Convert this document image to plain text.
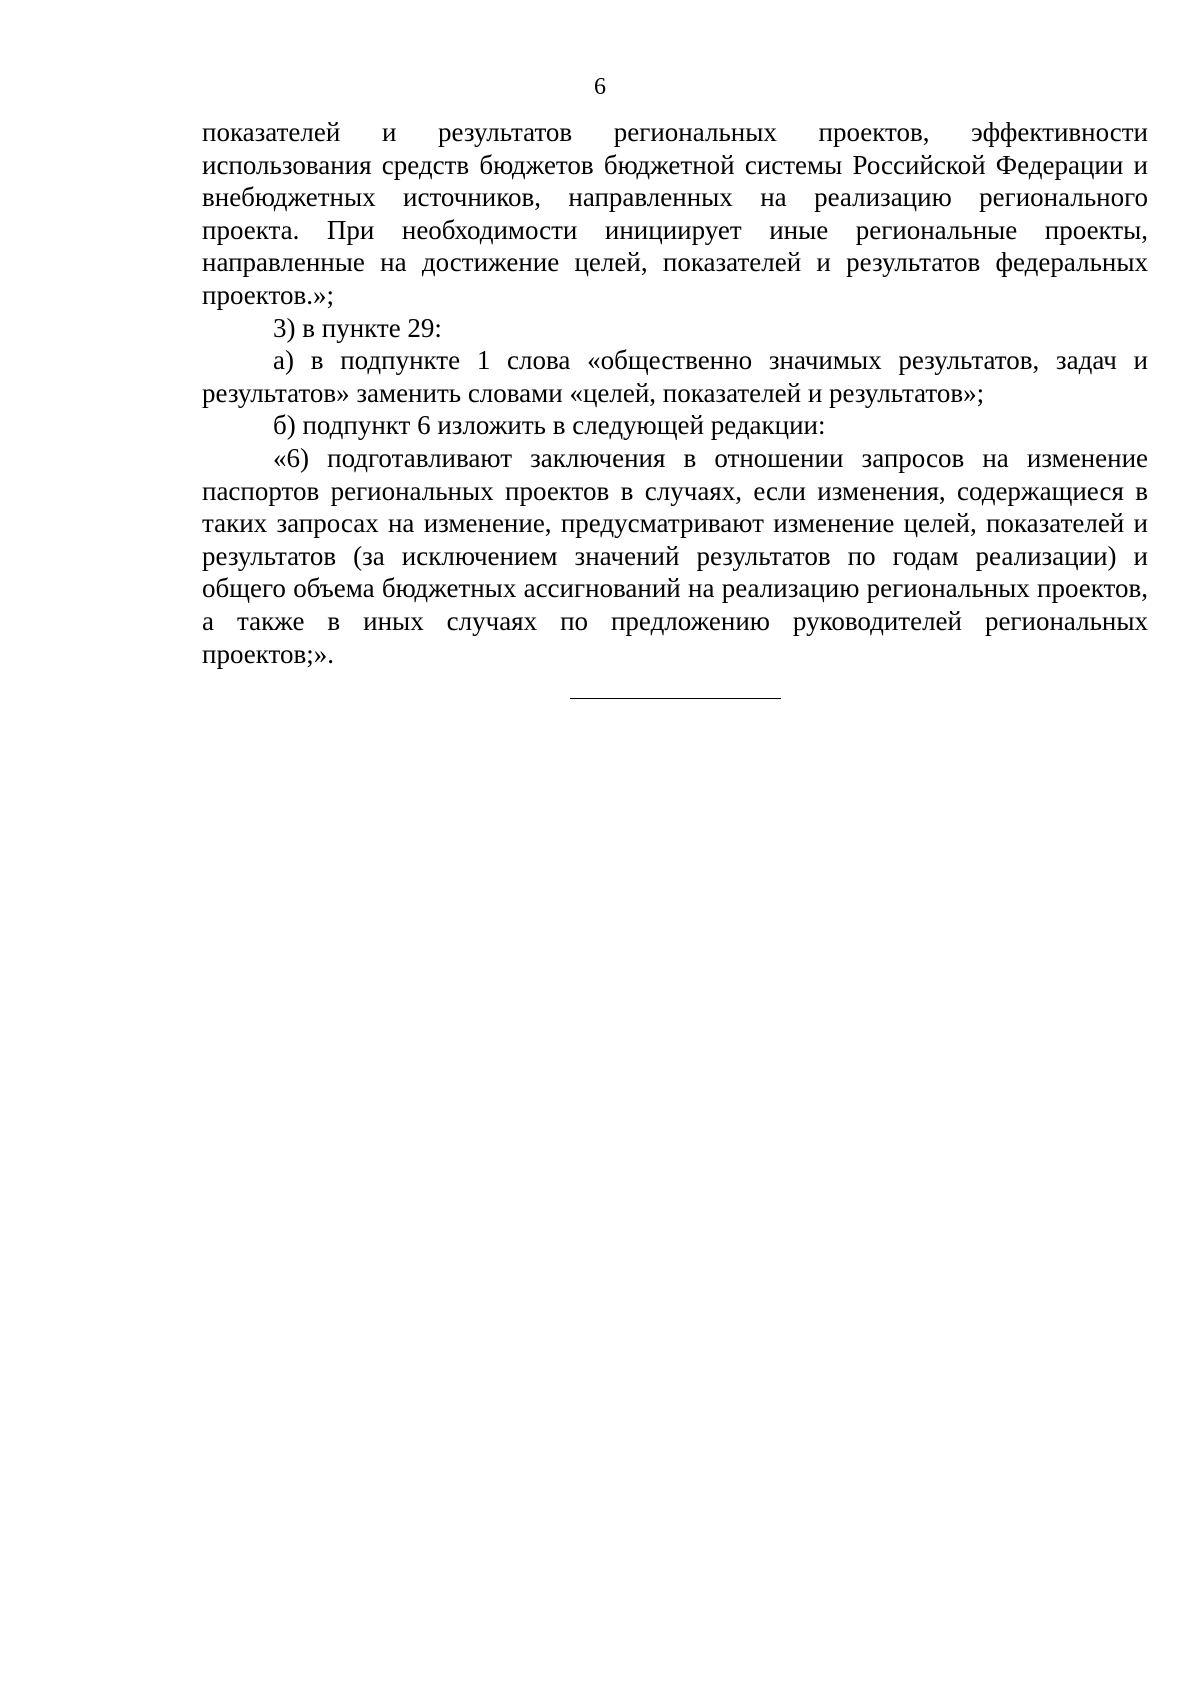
6

показателей и результатов региональных проектов, эффективности использования средств бюджетов бюджетной системы Российской Федерации и внебюджетных источников, направленных на реализацию регионального проекта. При необходимости инициирует иные региональные проекты, направленные на достижение целей, показателей и результатов федеральных проектов.»;

3) в пункте 29:

а) в подпункте 1 слова «общественно значимых результатов, задач и результатов» заменить словами «целей, показателей и результатов»;

б) подпункт 6 изложить в следующей редакции:

«6) подготавливают заключения в отношении запросов на изменение паспортов региональных проектов в случаях, если изменения, содержащиеся в таких запросах на изменение, предусматривают изменение целей, показателей и результатов (за исключением значений результатов по годам реализации) и общего объема бюджетных ассигнований на реализацию региональных проектов, а также в иных случаях по предложению руководителей региональных проектов;».
